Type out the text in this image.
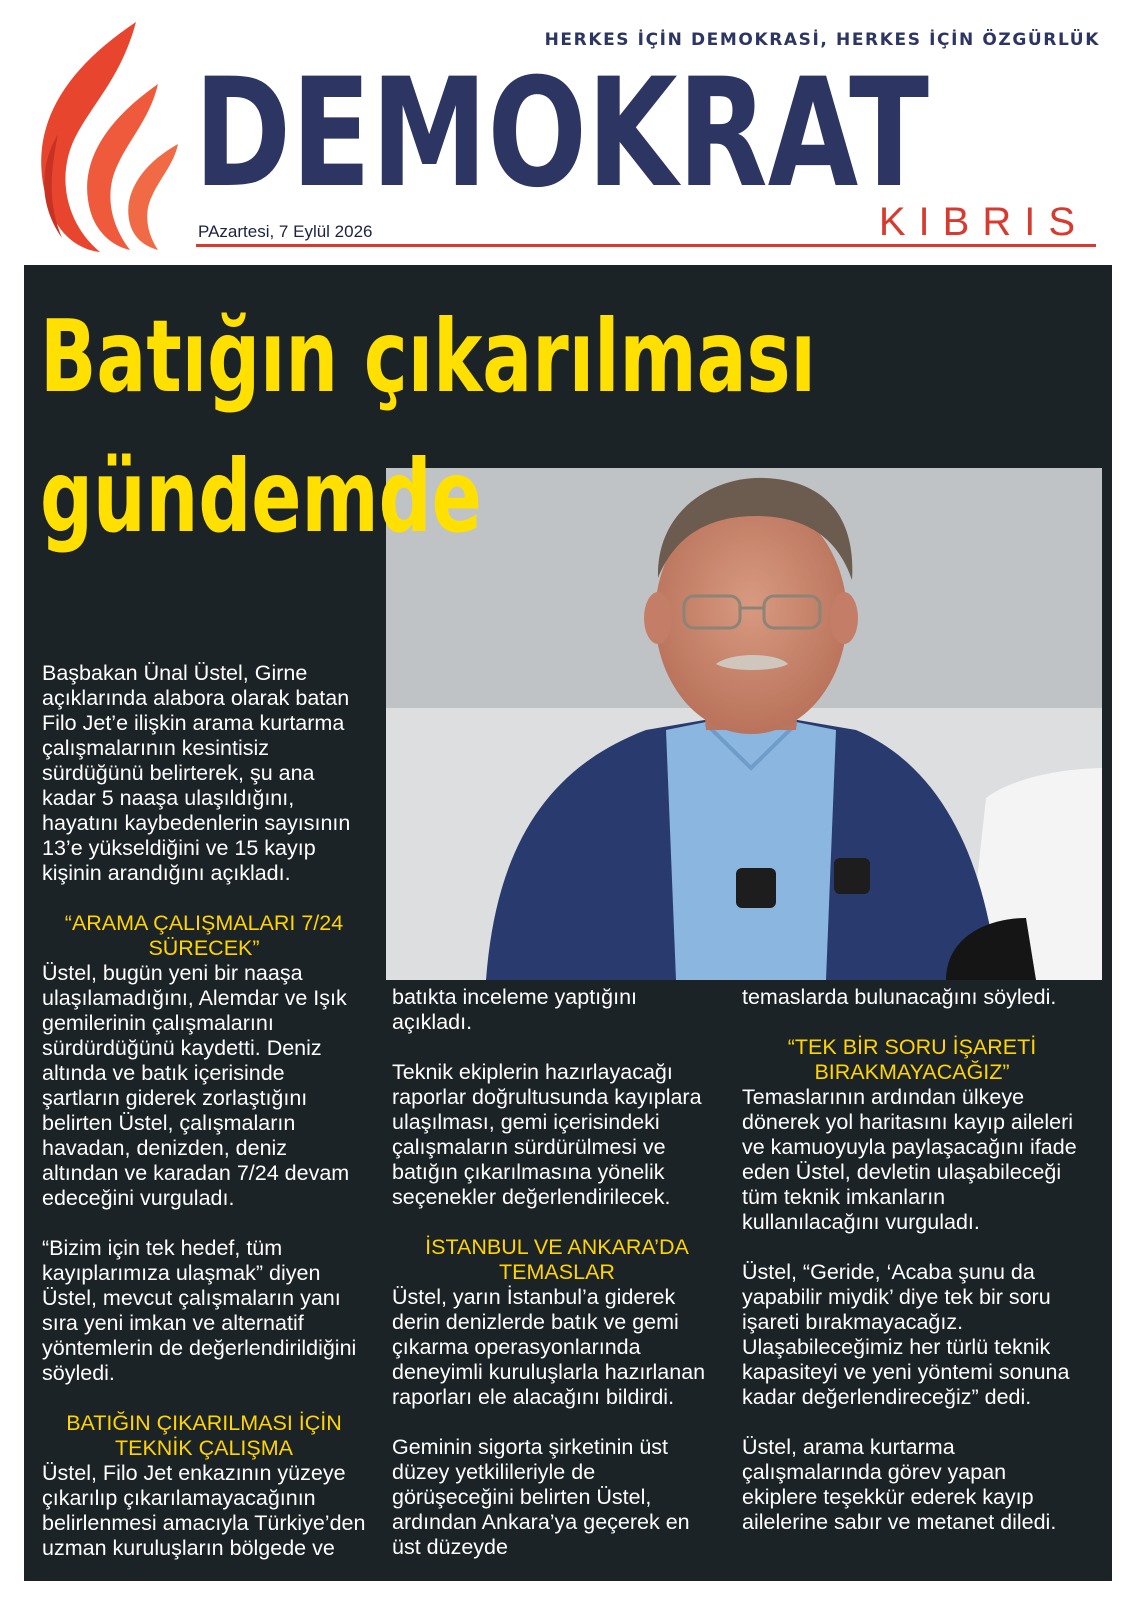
HERKES İÇİN DEMOKRASİ, HERKES İÇİN ÖZGÜRLÜK
DEMOKRAT
PAzartesi, 7 Eylül 2026	KIBRIS
Batığın çıkarılması
gündemde

Başbakan Ünal Üstel, Girne açıklarında alabora olarak batan Filo Jet’e ilişkin arama kurtarma çalışmalarının kesintisiz sürdüğünü belirterek, şu ana kadar 5 naaşa ulaşıldığını, hayatını kaybedenlerin sayısının 13’e yükseldiğini ve 15 kayıp kişinin arandığını açıkladı.

“ARAMA ÇALIŞMALARI 7/24 SÜRECEK”

Üstel, bugün yeni bir naaşa ulaşılamadığını, Alemdar ve Işık gemilerinin çalışmalarını sürdürdüğünü kaydetti. Deniz altında ve batık içerisinde şartların giderek zorlaştığını belirten Üstel, çalışmaların havadan, denizden, deniz altından ve karadan 7/24 devam edeceğini vurguladı.

“Bizim için tek hedef, tüm kayıplarımıza ulaşmak” diyen Üstel, mevcut çalışmaların yanı sıra yeni imkan ve alternatif yöntemlerin de değerlendirildiğini söyledi.

BATIĞIN ÇIKARILMASI İÇİN TEKNİK ÇALIŞMA

Üstel, Filo Jet enkazının yüzeye çıkarılıp çıkarılamayacağının belirlenmesi amacıyla Türkiye’den uzman kuruluşların bölgede ve

batıkta inceleme yaptığını açıkladı.

Teknik ekiplerin hazırlayacağı raporlar doğrultusunda kayıplara ulaşılması, gemi içerisindeki çalışmaların sürdürülmesi ve batığın çıkarılmasına yönelik seçenekler değerlendirilecek.

İSTANBUL VE ANKARA’DA TEMASLAR

Üstel, yarın İstanbul’a giderek derin denizlerde batık ve gemi çıkarma operasyonlarında deneyimli kuruluşlarla hazırlanan raporları ele alacağını bildirdi.

Geminin sigorta şirketinin üst düzey yetkilileriyle de görüşeceğini belirten Üstel, ardından Ankara’ya geçerek en üst düzeyde

temaslarda bulunacağını söyledi.

“TEK BİR SORU İŞARETİ BIRAKMAYACAĞIZ”

Temaslarının ardından ülkeye dönerek yol haritasını kayıp aileleri ve kamuoyuyla paylaşacağını ifade eden Üstel, devletin ulaşabileceği tüm teknik imkanların kullanılacağını vurguladı.

Üstel, “Geride, ‘Acaba şunu da yapabilir miydik’ diye tek bir soru işareti bırakmayacağız. Ulaşabileceğimiz her türlü teknik kapasiteyi ve yeni yöntemi sonuna kadar değerlendireceğiz” dedi.

Üstel, arama kurtarma çalışmalarında görev yapan ekiplere teşekkür ederek kayıp ailelerine sabır ve metanet diledi.
